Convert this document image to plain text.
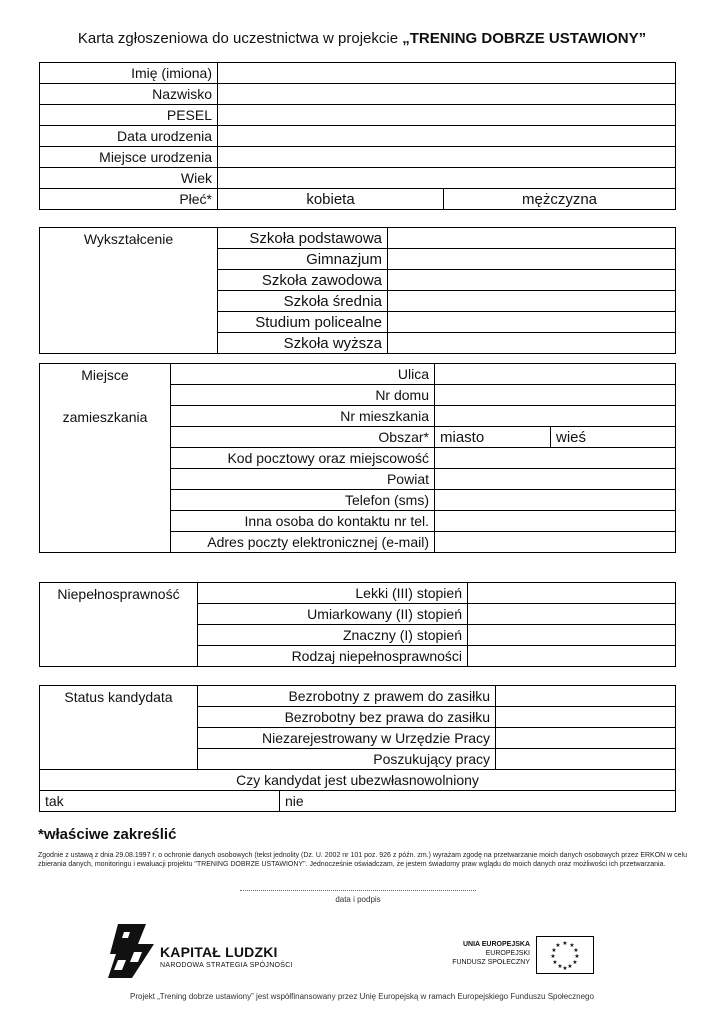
Karta zgłoszeniowa do uczestnictwa w projekcie „TRENING DOBRZE USTAWIONY”
Imię (imiona)		
Nazwisko		
PESEL		
Data urodzenia		
Miejsce urodzenia		
Wiek		
Płeć*	kobieta	mężczyzna
Wykształcenie	Szkoła podstawowa	
	Gimnazjum	
	Szkoła zawodowa	
	Szkoła średnia	
	Studium policealne	
	Szkoła wyższa	
Miejsce
zamieszkania	Ulica		
	Nr domu		
	Nr mieszkania		
	Obszar*	miasto	wieś
	Kod pocztowy oraz miejscowość		
	Powiat		
	Telefon (sms)		
	Inna osoba do kontaktu nr tel.		
	Adres poczty elektronicznej (e-mail)		
Niepełnosprawność	Lekki (III) stopień	
	Umiarkowany (II) stopień	
	Znaczny (I) stopień	
	Rodzaj niepełnosprawności	
Status kandydata	Bezrobotny z prawem do zasiłku		
	Bezrobotny bez prawa do zasiłku		
	Niezarejestrowany w Urzędzie Pracy		
	Poszukujący pracy		
Czy kandydat jest ubezwłasnowolniony			
tak		nie	
*właściwe zakreślić
Zgodnie z ustawą z dnia 29.08.1997 r. o ochronie danych osobowych (tekst jednolity (Dz. U. 2002 nr 101 poz. 926 z późn. zm.) wyrażam zgodę na przetwarzanie moich danych osobowych przez ERKON w celu zbierania danych, monitoringu i ewaluacji projektu "TRENING DOBRZE USTAWIONY". Jednocześnie oświadczam, że jestem świadomy praw wglądu do moich danych oraz możliwości ich przetwarzania.
data i podpis
KAPITAŁ LUDZKI
NARODOWA STRATEGIA SPÓJNOŚCI
UNIA EUROPEJSKA
EUROPEJSKI
FUNDUSZ SPOŁECZNY
★ ★
★
★
★
★
★
★
★
★
★
★
Projekt „Trening dobrze ustawiony” jest współfinansowany przez Unię Europejską w ramach Europejskiego Funduszu Społecznego
